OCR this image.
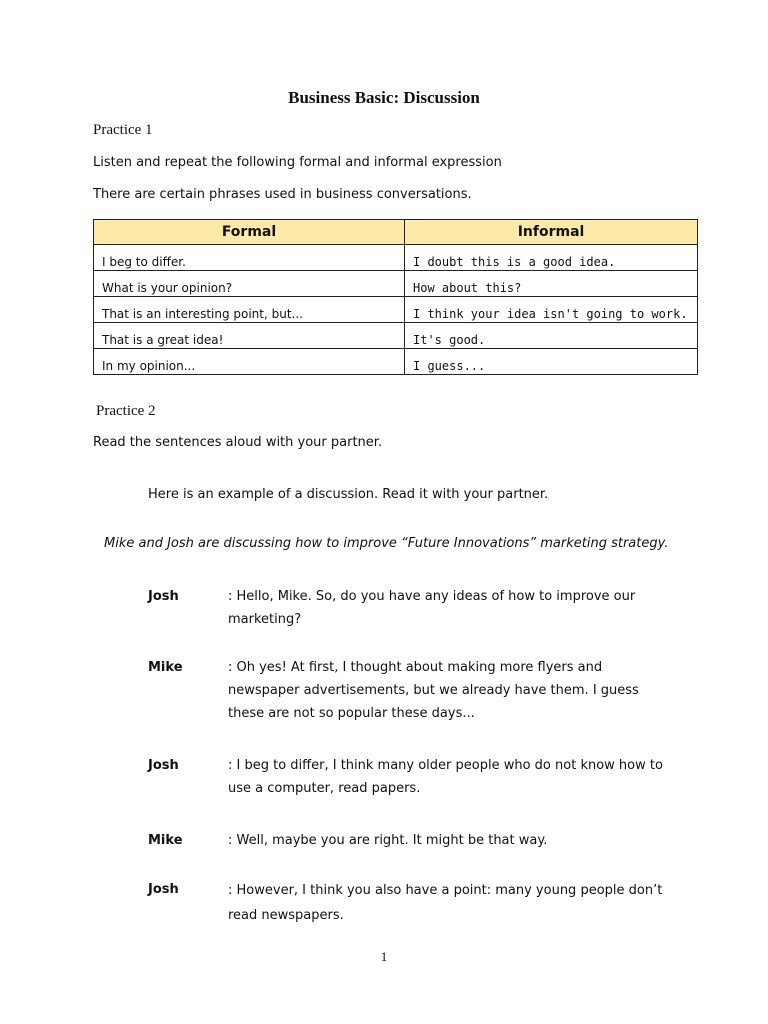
Business Basic: Discussion
Practice 1
Listen and repeat the following formal and informal expression
There are certain phrases used in business conversations.
Formal	Informal
I beg to differ.	I doubt this is a good idea.
What is your opinion?	How about this?
That is an interesting point, but...	I think your idea isn't going to work.
That is a great idea!	It's good.
In my opinion...	I guess...
Practice 2
Read the sentences aloud with your partner.
Here is an example of a discussion. Read it with your partner.
Mike and Josh are discussing how to improve “Future Innovations” marketing strategy.
Josh	: Hello, Mike. So, do you have any ideas of how to improve our marketing?
Mike	: Oh yes! At first, I thought about making more flyers and newspaper advertisements, but we already have them. I guess these are not so popular these days...
Josh	: I beg to differ, I think many older people who do not know how to use a computer, read papers.
Mike	: Well, maybe you are right. It might be that way.
Josh	: However, I think you also have a point: many young people don’t read newspapers.
1
